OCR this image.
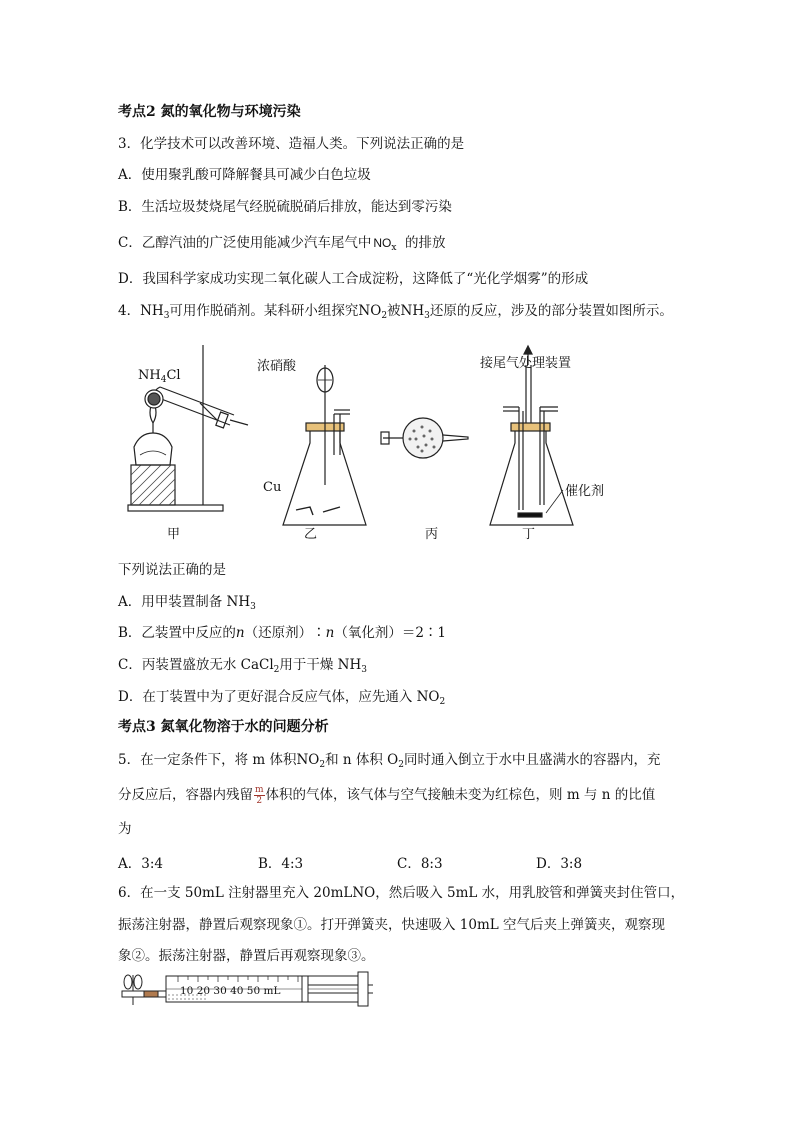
考点2 氮的氧化物与环境污染
3．化学技术可以改善环境、造福人类。下列说法正确的是
A．使用聚乳酸可降解餐具可减少白色垃圾
B．生活垃圾焚烧尾气经脱硫脱硝后排放，能达到零污染
C．乙醇汽油的广泛使用能减少汽车尾气中 $NO_x$ 的排放
D．我国科学家成功实现二氧化碳人工合成淀粉，这降低了“光化学烟雾”的形成
4．$NH_3$可用作脱硝剂。某科研小组探究$NO_2$被$NH_3$还原的反应，涉及的部分装置如图所示。
$NH_4Cl$
浓硝酸
Cu
接尾气处理装置
催化剂
甲	乙	丙	丁
下列说法正确的是
A．用甲装置制备 $NH_3$
B．乙装置中反应的n（还原剂）∶n（氧化剂）＝2∶1
C．丙装置盛放无水 CaCl$_2$用于干燥 $NH_3$
D．在丁装置中为了更好混合反应气体，应先通入 $NO_2$
考点3 氮氧化物溶于水的问题分析
5．在一定条件下，将 m 体积$NO_2$和 n 体积 $O_2$同时通入倒立于水中且盛满水的容器内，充
分反应后，容器内残留 $\frac{m}{2}$ 体积的气体，该气体与空气接触未变为红棕色，则 m 与 n 的比值
为
A．3:4	B．4:3	C．8:3	D．3:8
6．在一支 50mL 注射器里充入 20mLNO，然后吸入 5mL 水，用乳胶管和弹簧夹封住管口，
振荡注射器，静置后观察现象①。打开弹簧夹，快速吸入 10mL 空气后夹上弹簧夹，观察现
象②。振荡注射器，静置后再观察现象③。
10 20 30 40 50 mL
